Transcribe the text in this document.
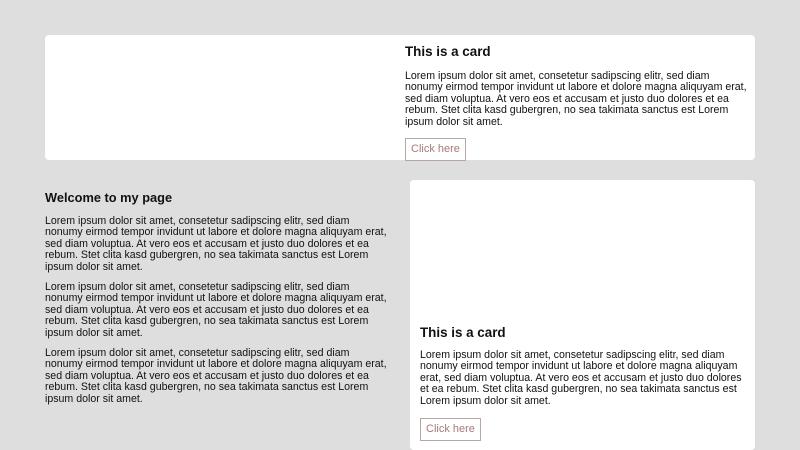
This is a card

Lorem ipsum dolor sit amet, consetetur sadipscing elitr, sed diam nonumy eirmod tempor invidunt ut labore et dolore magna aliquyam erat, sed diam voluptua. At vero eos et accusam et justo duo dolores et ea rebum. Stet clita kasd gubergren, no sea takimata sanctus est Lorem ipsum dolor sit amet.

Click here
Welcome to my page

Lorem ipsum dolor sit amet, consetetur sadipscing elitr, sed diam nonumy eirmod tempor invidunt ut labore et dolore magna aliquyam erat, sed diam voluptua. At vero eos et accusam et justo duo dolores et ea rebum. Stet clita kasd gubergren, no sea takimata sanctus est Lorem ipsum dolor sit amet.

Lorem ipsum dolor sit amet, consetetur sadipscing elitr, sed diam nonumy eirmod tempor invidunt ut labore et dolore magna aliquyam erat, sed diam voluptua. At vero eos et accusam et justo duo dolores et ea rebum. Stet clita kasd gubergren, no sea takimata sanctus est Lorem ipsum dolor sit amet.

Lorem ipsum dolor sit amet, consetetur sadipscing elitr, sed diam nonumy eirmod tempor invidunt ut labore et dolore magna aliquyam erat, sed diam voluptua. At vero eos et accusam et justo duo dolores et ea rebum. Stet clita kasd gubergren, no sea takimata sanctus est Lorem ipsum dolor sit amet.

This is a card

Lorem ipsum dolor sit amet, consetetur sadipscing elitr, sed diam nonumy eirmod tempor invidunt ut labore et dolore magna aliquyam erat, sed diam voluptua. At vero eos et accusam et justo duo dolores et ea rebum. Stet clita kasd gubergren, no sea takimata sanctus est Lorem ipsum dolor sit amet.

Click here
